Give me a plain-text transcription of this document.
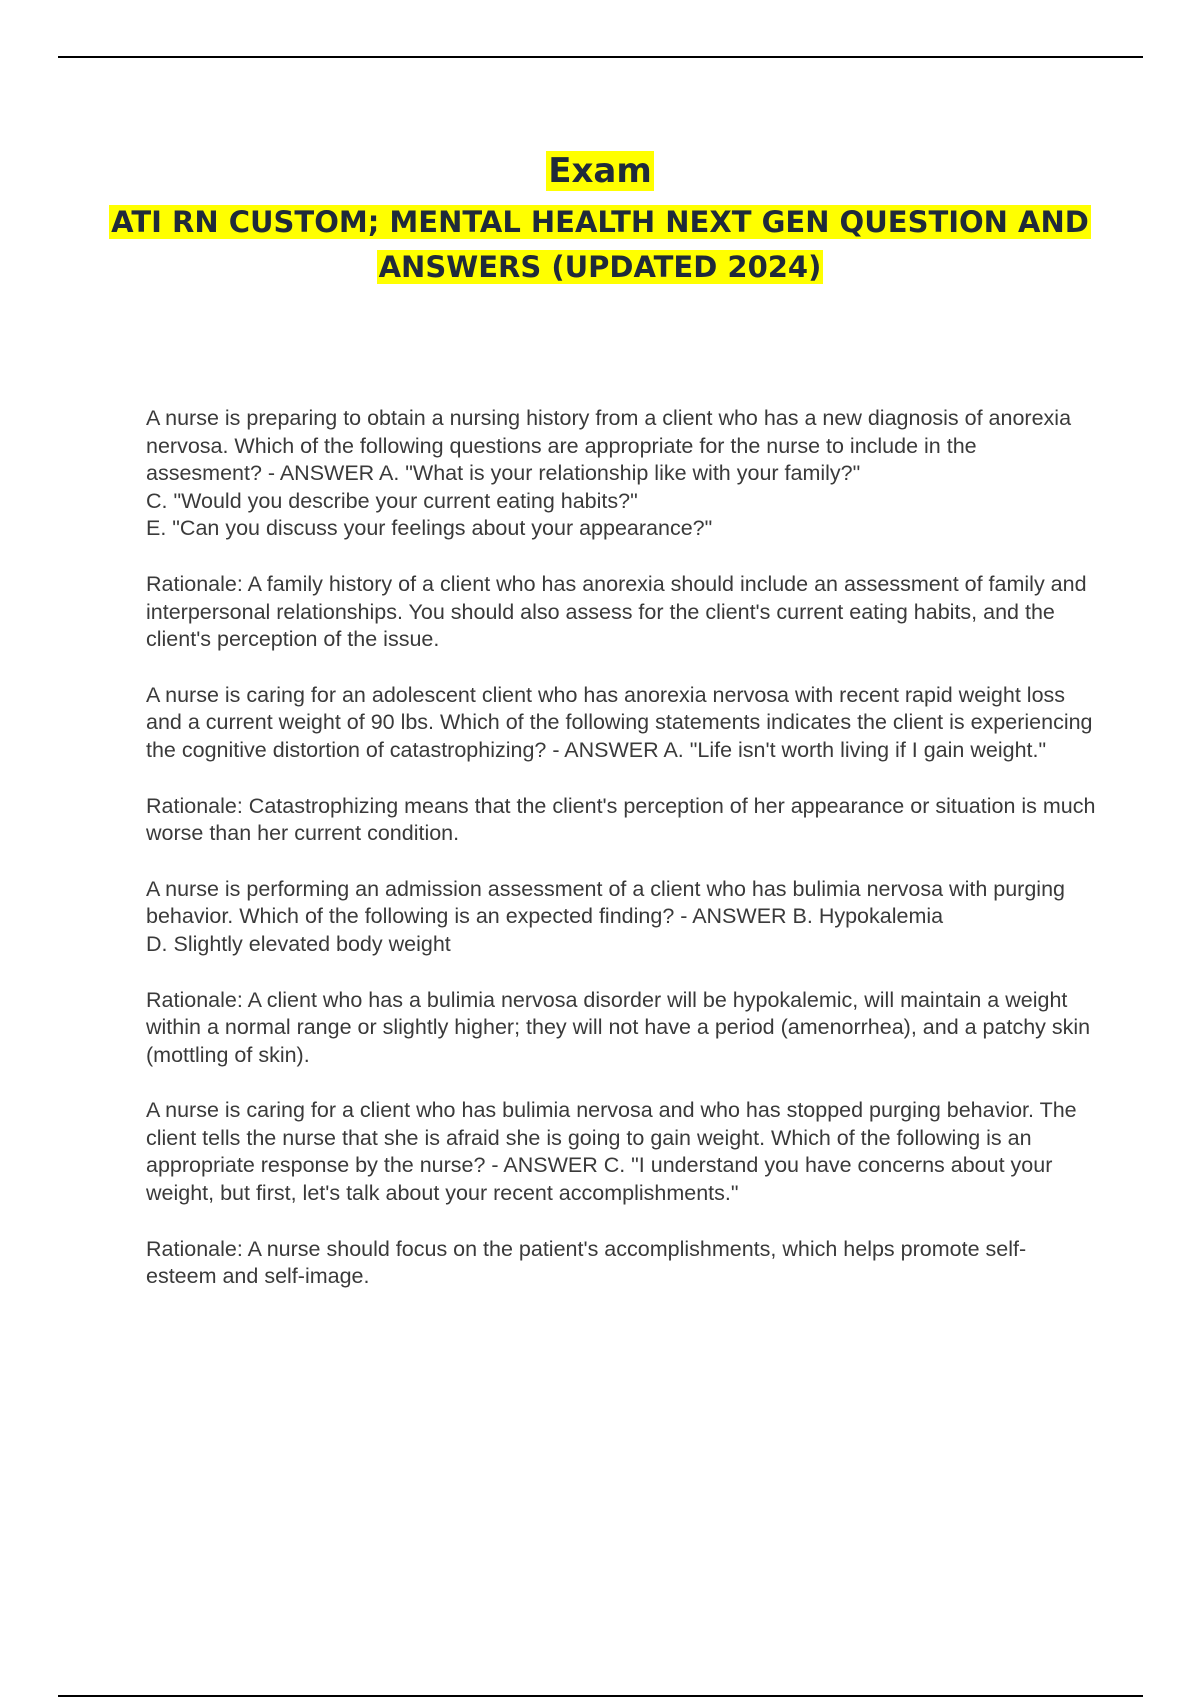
Exam
ATI RN CUSTOM; MENTAL HEALTH NEXT GEN QUESTION AND ANSWERS (UPDATED 2024)

A nurse is preparing to obtain a nursing history from a client who has a new diagnosis of anorexia nervosa. Which of the following questions are appropriate for the nurse to include in the assesment? - ANSWER A. "What is your relationship like with your family?"
C. "Would you describe your current eating habits?"
E. "Can you discuss your feelings about your appearance?"

Rationale: A family history of a client who has anorexia should include an assessment of family and interpersonal relationships. You should also assess for the client's current eating habits, and the client's perception of the issue.

A nurse is caring for an adolescent client who has anorexia nervosa with recent rapid weight loss and a current weight of 90 lbs. Which of the following statements indicates the client is experiencing the cognitive distortion of catastrophizing? - ANSWER A. "Life isn't worth living if I gain weight."

Rationale: Catastrophizing means that the client's perception of her appearance or situation is much worse than her current condition.

A nurse is performing an admission assessment of a client who has bulimia nervosa with purging behavior. Which of the following is an expected finding? - ANSWER B. Hypokalemia
D. Slightly elevated body weight

Rationale: A client who has a bulimia nervosa disorder will be hypokalemic, will maintain a weight within a normal range or slightly higher; they will not have a period (amenorrhea), and a patchy skin (mottling of skin).

A nurse is caring for a client who has bulimia nervosa and who has stopped purging behavior. The client tells the nurse that she is afraid she is going to gain weight. Which of the following is an appropriate response by the nurse? - ANSWER C. "I understand you have concerns about your weight, but first, let's talk about your recent accomplishments."

Rationale: A nurse should focus on the patient's accomplishments, which helps promote self-esteem and self-image.
